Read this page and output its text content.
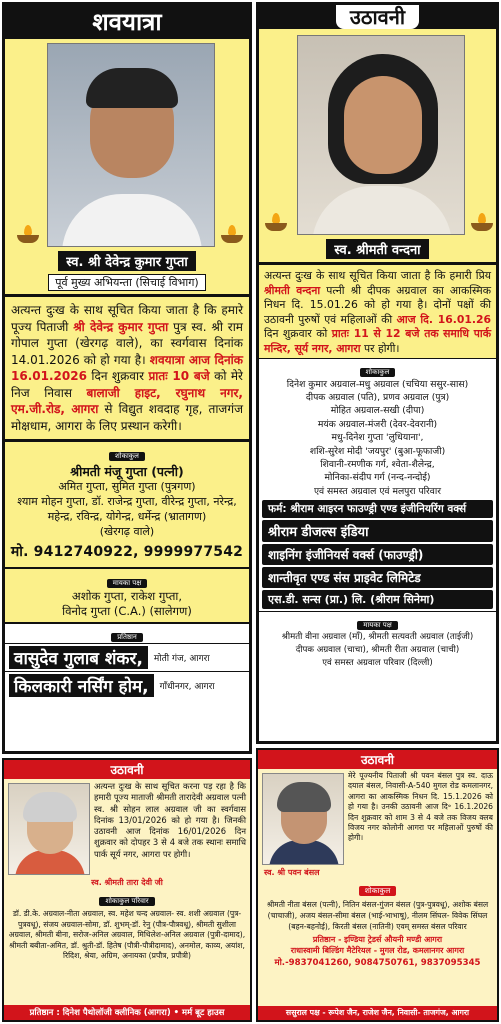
शवयात्रा
स्व. श्री देवेन्द्र कुमार गुप्ता
पूर्व मुख्य अभियन्ता (सिचाई विभाग)
अत्यन्त दुःख के साथ सूचित किया जाता है कि हमारे पूज्य पिताजी श्री देवेन्द्र कुमार गुप्ता पुत्र स्व. श्री राम गोपाल गुप्ता (खेरगढ़ वाले), का स्वर्गवास दिनांक 14.01.2026 को हो गया है। शवयात्रा आज दिनांक 16.01.2026 दिन शुक्रवार प्रातः 10 बजे को मेरे निज निवास बालाजी हाइट, रघुनाथ नगर, एम.जी.रोड, आगरा से विद्युत शवदाह गृह, ताजगंज मोक्षधाम, आगरा के लिए प्रस्थान करेगी।
शोकाकुल
श्रीमती मंजू गुप्ता (पत्नी)
अमित गुप्ता, सुमित गुप्ता (पुत्रगण)
श्याम मोहन गुप्ता, डॉ. राजेन्द्र गुप्ता, वीरेन्द्र गुप्ता, नरेन्द्र, महेन्द्र, रविन्द्र, योगेन्द्र, धर्मेन्द्र (भ्रातागण)
(खेरगढ़ वाले)
मो. 9412740922, 9999977542
मायका पक्ष
अशोक गुप्ता, राकेश गुप्ता,
विनोद गुप्ता (C.A.) (सालेगण)
प्रतिष्ठान
वासुदेव गुलाब शंकर,	मोती गंज, आगरा
किलकारी नर्सिंग होम,	गाँधीनगर, आगरा
उठावनी
स्व. श्रीमती वन्दना
अत्यन्त दुःख के साथ सूचित किया जाता है कि हमारी प्रिय श्रीमती वन्दना पत्नी श्री दीपक अग्रवाल का आकस्मिक निधन दि. 15.01.26 को हो गया है। दोनों पक्षों की उठावनी पुरुषों एवं महिलाओं की आज दि. 16.01.26 दिन शुक्रवार को प्रातः 11 से 12 बजे तक समाधि पार्क मन्दिर, सूर्य नगर, आगरा पर होगी।
शोकाकुल
दिनेश कुमार अग्रवाल-मधु अग्रवाल (चचिया ससुर-सास)
दीपक अग्रवाल (पति), प्रणव अग्रवाल (पुत्र)
मोहित अग्रवाल-सखी (दीपा)
मयंक अग्रवाल-मंजरी (देवर-देवरानी)
मधु-दिनेश गुप्ता 'लुधियाना',
शशि-सुरेश मोदी 'जयपुर' (बुआ-फूफाजी)
शिवानी-रमणीक गर्ग, श्वेता-शैलेन्द्र,
मोनिका-संदीप गर्ग (नन्द-नन्दोई)
एवं समस्त अग्रवाल एवं मलपुरा परिवार
फर्म: श्रीराम आइरन फाउण्ड्री एण्ड इंजीनियरिंग वर्क्स
श्रीराम डीजल्स इंडिया
शाइनिंग इंजीनियर्स वर्क्स (फाउण्ड्री)
शान्तीवृत एण्ड संस प्राइवेट लिमिटेड
एस.डी. सन्स (प्रा.) लि. (श्रीराम सिनेमा)
मायका पक्ष
श्रीमती वीना अग्रवाल (माँ), श्रीमती सत्यवती अग्रवाल (ताईजी)
दीपक अग्रवाल (चाचा), श्रीमती रीता अग्रवाल (चाची)
एवं समस्त अग्रवाल परिवार (दिल्ली)
उठावनी
अत्यन्त दुःख के साथ सूचित करना पड़ रहा है कि हमारी पूज्य माताजी श्रीमती तारादेवी अग्रवाल पत्नी स्व. श्री सोहन लाल अग्रवाल जी का स्वर्गवास दिनांक 13/01/2026 को हो गया है। जिनकी उठावनी आज दिनांक 16/01/2026 दिन शुक्रवार को दोपहर 3 से 4 बजे तक स्थानः समाधि पार्क सूर्य नगर, आगरा पर होगी।
स्व. श्रीमती तारा देवी जी
शोकाकुल परिवार
डॉ. डी.के. अग्रवाल-नीता अग्रवाल, स्व. महेश चन्द अग्रवाल- स्व. शशी अग्रवाल (पुत्र-पुत्रवधू), संजय अग्रवाल-सोमा, डॉ. शुभम्-डॉ. रेनु (पौत्र-पौत्रवधू), श्रीमती सुशीला अग्रवाल, श्रीमती बीना, सरोज-अनिल अग्रवाल, मिथिलेश-अनिल अग्रवाल (पुत्री-दामाद), श्रीमती बबीता-अमित, डॉ. श्रुती-डॉ. हितेष (पौत्री-पौत्रीदामाद), अनमोल, काव्य, अयांश, रिदिश, श्रेया, अग्रिम, अनायका (प्रपौत्र, प्रपौत्री)
प्रतिष्ठान : दिनेश पैथोलॉजी क्लीनिक (आगरा) • मर्म बूट हाउस
उठावनी
मेरे पूज्यनीय पिताजी श्री पवन बंसल पुत्र स्व. दाऊ दयाल बंसल, निवासी-A-540 मुगल रोड कमलानगर, आगरा का आकस्मिक निधन दि. 15.1.2026 को हो गया है। उनकी उठावनी आज दि॰ 16.1.2026 दिन शुक्रवार को शाम 3 से 4 बजे तक विजय क्लब विजय नगर कोलोनी आगरा पर महिलाओं पुरुषों की होगी।
स्व. श्री पवन बंसल
शोकाकुल
श्रीमती नीता बंसल (पत्नी), नितिन बंसल-गुंजन बंसल (पुत्र-पुत्रवधू), अशोक बंसल (चाचाजी), अजय बंसल-सीमा बंसल (भाई-भाभाषू), नीलम सिंघल- विवेक सिंघल (बहन-बहनोई), किरती बंसल (नातिनी) एवम् समस्त बंसल परिवार
प्रतिष्ठान - इण्डिया ट्रेडर्स औयनी मण्डी आगरा
राधास्वामी बिल्डिंग मैटेरियल - मुगल रोड, कमलानगर आगरा
मो.-9837041260, 9084750761, 9837095345
ससुराल पक्ष - रूपेश जैन, राजेश जैन, निवासी- ताजगंज, आगरा
